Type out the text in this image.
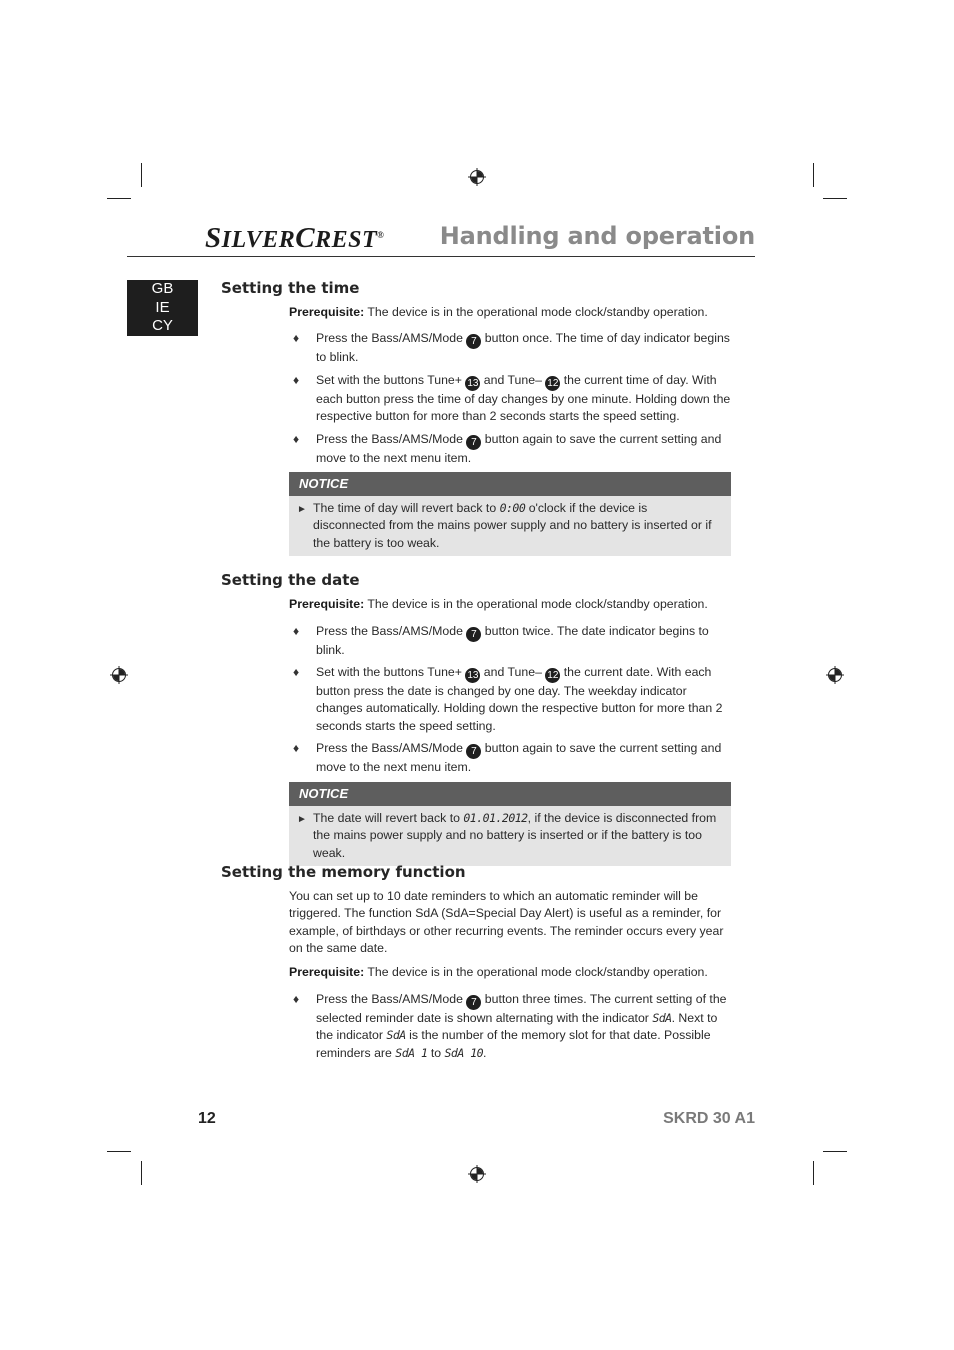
SILVERCREST® Handling and operation
GB
IE
CY
Setting the time

Prerequisite: The device is in the operational mode clock/standby operation.

♦ Press the Bass/AMS/Mode 7 button once. The time of day indicator begins to blink.
♦ Set with the buttons Tune+ 13 and Tune– 12 the current time of day. With each button press the time of day changes by one minute. Holding down the respective button for more than 2 seconds starts the speed setting.
♦ Press the Bass/AMS/Mode 7 button again to save the current setting and move to the next menu item.
NOTICE
► The time of day will revert back to 0:00 o'clock if the device is disconnected from the mains power supply and no battery is inserted or if the battery is too weak.
Setting the date

Prerequisite: The device is in the operational mode clock/standby operation.

♦ Press the Bass/AMS/Mode 7 button twice. The date indicator begins to blink.
♦ Set with the buttons Tune+ 13 and Tune– 12 the current date. With each button press the date is changed by one day. The weekday indicator changes automatically. Holding down the respective button for more than 2 seconds starts the speed setting.
♦ Press the Bass/AMS/Mode 7 button again to save the current setting and move to the next menu item.
NOTICE
► The date will revert back to 01.01.2012, if the device is disconnected from the mains power supply and no battery is inserted or if the battery is too weak.
Setting the memory function

You can set up to 10 date reminders to which an automatic reminder will be triggered. The function SdA (SdA=Special Day Alert) is useful as a reminder, for example, of birthdays or other recurring events. The reminder occurs every year on the same date.

Prerequisite: The device is in the operational mode clock/standby operation.

♦ Press the Bass/AMS/Mode 7 button three times. The current setting of the selected reminder date is shown alternating with the indicator SdA. Next to the indicator SdA is the number of the memory slot for that date. Possible reminders are SdA 1 to SdA 10.
12	SKRD 30 A1
